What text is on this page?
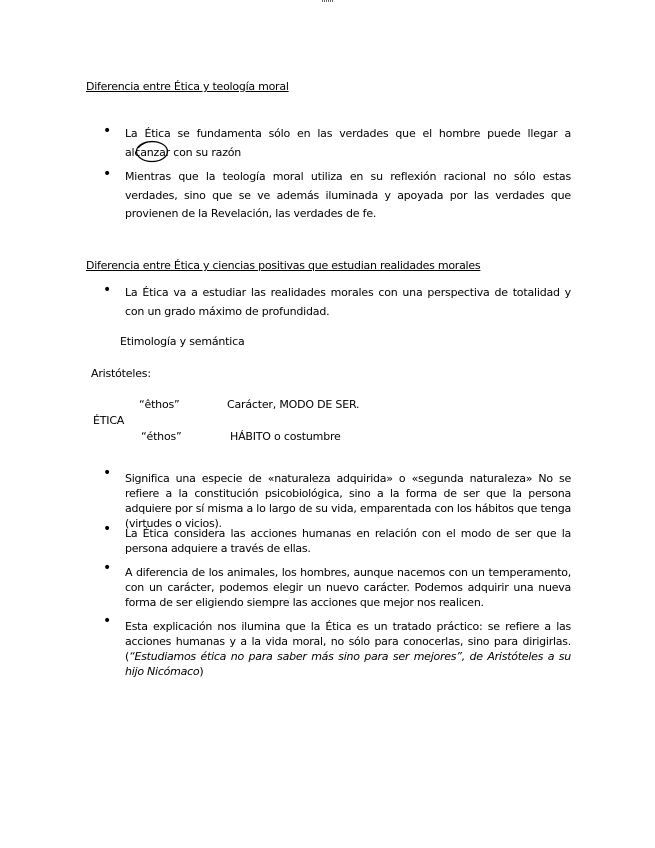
Diferencia entre Ética y teología moral
• La Ética se fundamenta sólo en las verdades que el hombre puede llegar a alcanzar con su razón
• Mientras que la teología moral utiliza en su reflexión racional no sólo estas verdades, sino que se ve además iluminada y apoyada por las verdades que provienen de la Revelación, las verdades de fe.
Diferencia entre Ética y ciencias positivas que estudian realidades morales
• La Ética va a estudiar las realidades morales con una perspectiva de totalidad y con un grado máximo de profundidad.
Etimología y semántica
Aristóteles:
“êthos”	Carácter, MODO DE SER.
ÉTICA
“éthos”	HÁBITO o costumbre
• Significa una especie de «naturaleza adquirida» o «segunda naturaleza» No se refiere a la constitución psicobiológica, sino a la forma de ser que la persona adquiere por sí misma a lo largo de su vida, emparentada con los hábitos que tenga (virtudes o vicios).
• La Ética considera las acciones humanas en relación con el modo de ser que la persona adquiere a través de ellas.
• A diferencia de los animales, los hombres, aunque nacemos con un temperamento, con un carácter, podemos elegir un nuevo carácter. Podemos adquirir una nueva forma de ser eligiendo siempre las acciones que mejor nos realicen.
• Esta explicación nos ilumina que la Ética es un tratado práctico: se refiere a las acciones humanas y a la vida moral, no sólo para conocerlas, sino para dirigirlas. (“Estudiamos ética no para saber más sino para ser mejores”, de Aristóteles a su hijo Nicómaco)
